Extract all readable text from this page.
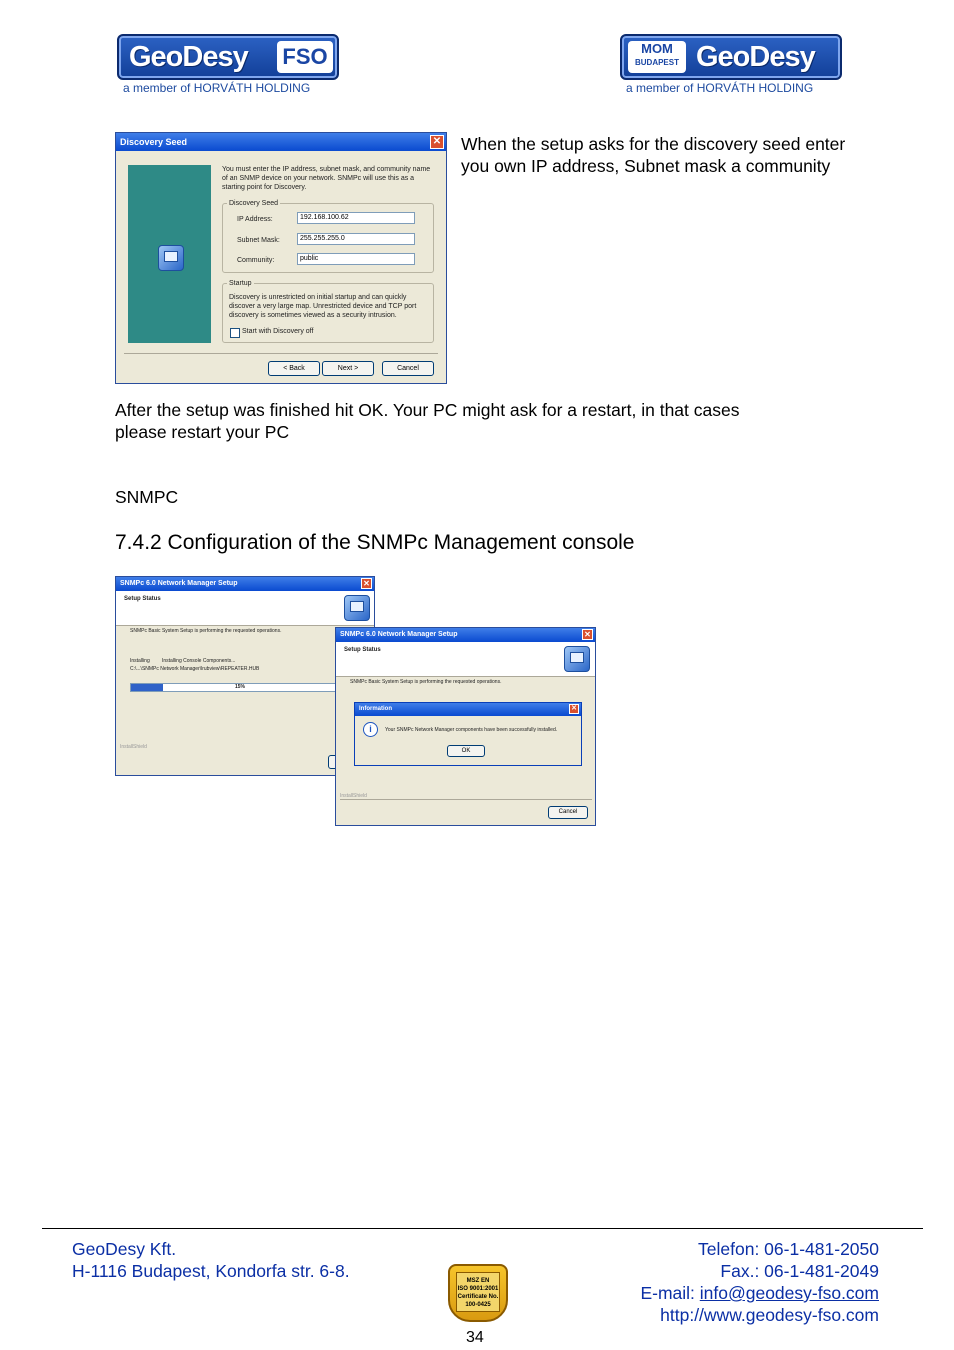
GeoDesy FSO
a member of HORVÁTH HOLDING
MOM
BUDAPEST GeoDesy
a member of HORVÁTH HOLDING
Discovery Seed	✕
You must enter the IP address, subnet mask, and community name of an SNMP device on your network. SNMPc will use this as a starting point for Discovery.
Discovery Seed
IP Address:	192.168.100.62
Subnet Mask:	255.255.255.0
Community:	public
Startup
Discovery is unrestricted on initial startup and can quickly discover a very large map. Unrestricted device and TCP port discovery is sometimes viewed as a security intrusion.
Start with Discovery off
< Back	Next >	Cancel
When the setup asks for the discovery seed enter you own IP address, Subnet mask a community
After the setup was finished hit OK. Your PC might ask for a restart, in that cases
please restart your PC
SNMPC
7.4.2 Configuration of the SNMPc Management console
SNMPc 6.0 Network Manager Setup	✕
Setup Status
SNMPc Basic System Setup is performing the requested operations.
Installing Installing Console Components...
C:\...\SNMPc Network Manager\lrubview\REPEATER.HUB
15%
InstallShield
SNMPc 6.0 Network Manager Setup	✕
Setup Status
SNMPc Basic System Setup is performing the requested operations.
Information	✕
i	Your SNMPc Network Manager components have been successfully installed.
OK
InstallShield
Cancel
GeoDesy Kft.
H-1116 Budapest, Kondorfa str. 6-8.
Telefon: 06-1-481-2050
Fax.: 06-1-481-2049
E-mail: info@geodesy-fso.com
http://www.geodesy-fso.com
MSZ EN
ISO 9001:2001
Certificate No.
100-0425
34
